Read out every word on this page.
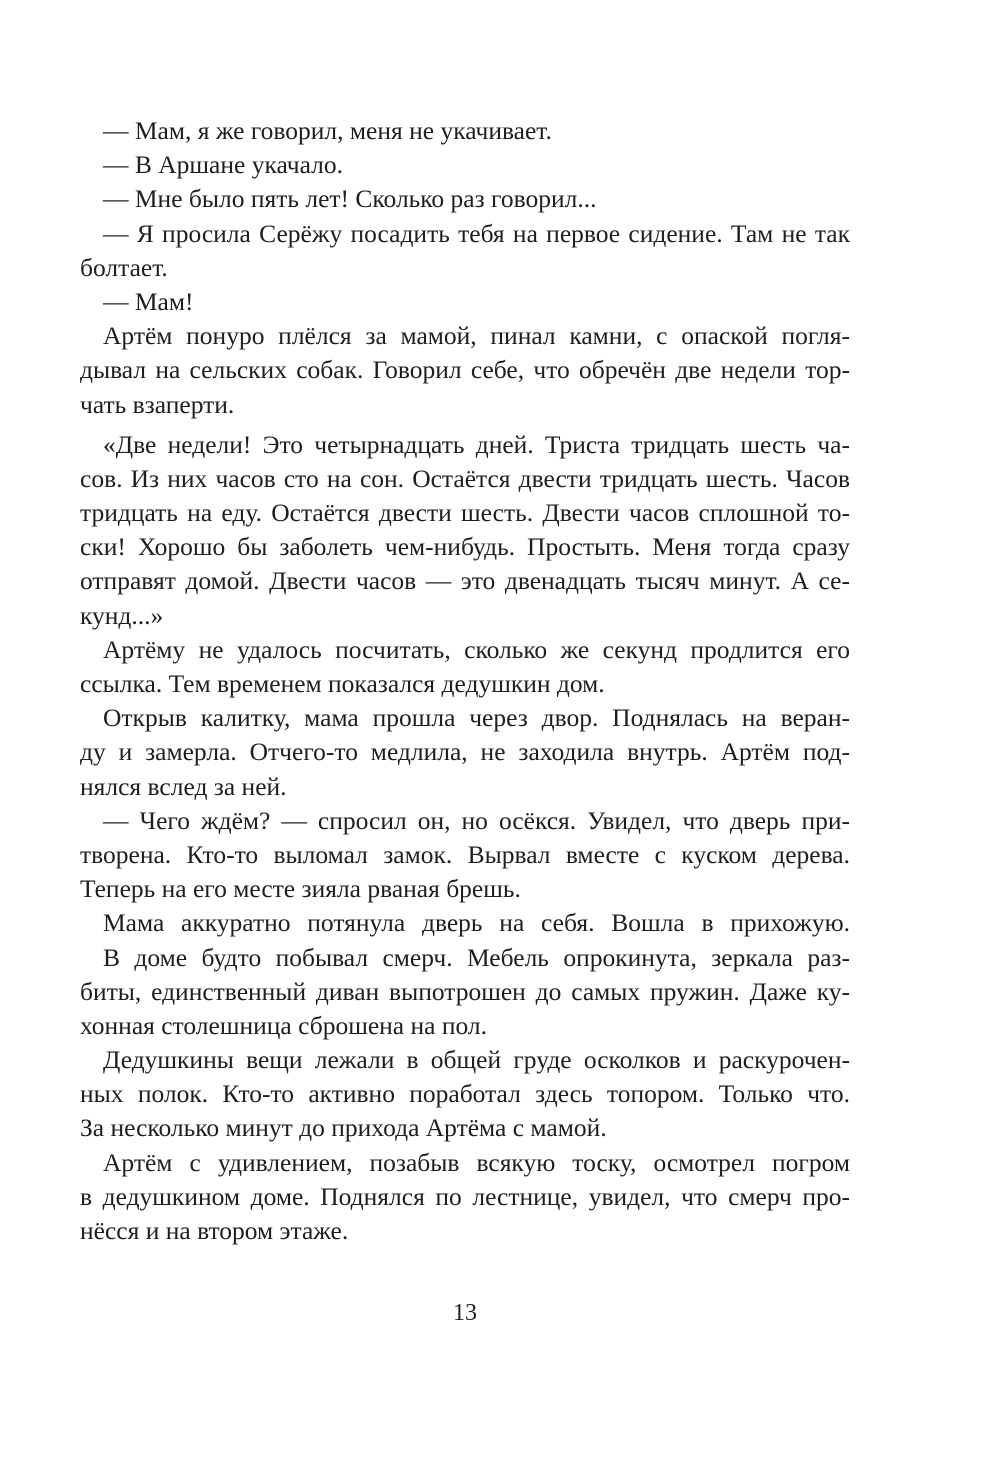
— Мам, я же говорил, меня не укачивает.
— В Аршане укачало.
— Мне было пять лет! Сколько раз говорил...
— Я просила Серёжу посадить тебя на первое сидение. Там не так
болтает.
— Мам!
Артём понуро плёлся за мамой, пинал камни, с опаской погля-
дывал на сельских собак. Говорил себе, что обречён две недели тор-
чать взаперти.
«Две недели! Это четырнадцать дней. Триста тридцать шесть ча-
сов. Из них часов сто на сон. Остаётся двести тридцать шесть. Часов
тридцать на еду. Остаётся двести шесть. Двести часов сплошной то-
ски! Хорошо бы заболеть чем-нибудь. Простыть. Меня тогда сразу
отправят домой. Двести часов — это двенадцать тысяч минут. А се-
кунд...»
Артёму не удалось посчитать, сколько же секунд продлится его
ссылка. Тем временем показался дедушкин дом.
Открыв калитку, мама прошла через двор. Поднялась на веран-
ду и замерла. Отчего-то медлила, не заходила внутрь. Артём под-
нялся вслед за ней.
— Чего ждём? — спросил он, но осёкся. Увидел, что дверь при-
творена. Кто-то выломал замок. Вырвал вместе с куском дерева.
Теперь на его месте зияла рваная брешь.
Мама аккуратно потянула дверь на себя. Вошла в прихожую.
В доме будто побывал смерч. Мебель опрокинута, зеркала раз-
биты, единственный диван выпотрошен до самых пружин. Даже ку-
хонная столешница сброшена на пол.
Дедушкины вещи лежали в общей груде осколков и раскурочен-
ных полок. Кто-то активно поработал здесь топором. Только что.
За несколько минут до прихода Артёма с мамой.
Артём с удивлением, позабыв всякую тоску, осмотрел погром
в дедушкином доме. Поднялся по лестнице, увидел, что смерч про-
нёсся и на втором этаже.
13
